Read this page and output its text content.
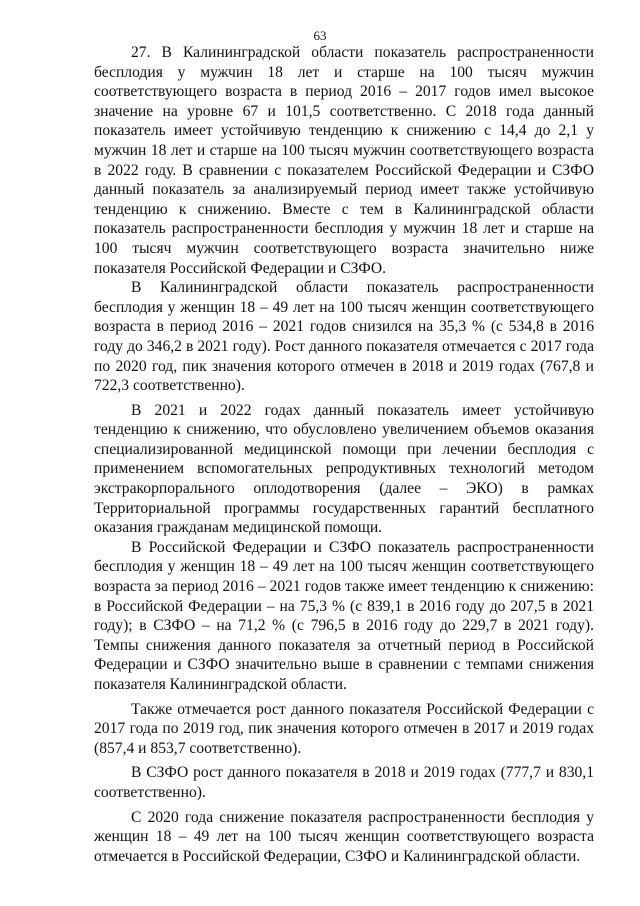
63

27. В Калининградской области показатель распространенности бесплодия у мужчин 18 лет и старше на 100 тысяч мужчин соответствующего возраста в период 2016 – 2017 годов имел высокое значение на уровне 67 и 101,5 соответственно. С 2018 года данный показатель имеет устойчивую тенденцию к снижению с 14,4 до 2,1 у мужчин 18 лет и старше на 100 тысяч мужчин соответствующего возраста в 2022 году. В сравнении с показателем Российской Федерации и СЗФО данный показатель за анализируемый период имеет также устойчивую тенденцию к снижению. Вместе с тем в Калининградской области показатель распространенности бесплодия у мужчин 18 лет и старше на 100 тысяч мужчин соответствующего возраста значительно ниже показателя Российской Федерации и СЗФО.

В Калининградской области показатель распространенности бесплодия у женщин 18 – 49 лет на 100 тысяч женщин соответствующего возраста в период 2016 – 2021 годов снизился на 35,3 % (с 534,8 в 2016 году до 346,2 в 2021 году). Рост данного показателя отмечается с 2017 года по 2020 год, пик значения которого отмечен в 2018 и 2019 годах (767,8 и 722,3 соответственно).

В 2021 и 2022 годах данный показатель имеет устойчивую тенденцию к снижению, что обусловлено увеличением объемов оказания специализированной медицинской помощи при лечении бесплодия с применением вспомогательных репродуктивных технологий методом экстракорпорального оплодотворения (далее – ЭКО) в рамках Территориальной программы государственных гарантий бесплатного оказания гражданам медицинской помощи.

В Российской Федерации и СЗФО показатель распространенности бесплодия у женщин 18 – 49 лет на 100 тысяч женщин соответствующего возраста за период 2016 – 2021 годов также имеет тенденцию к снижению: в Российской Федерации – на 75,3 % (с 839,1 в 2016 году до 207,5 в 2021 году); в СЗФО – на 71,2 % (с 796,5 в 2016 году до 229,7 в 2021 году). Темпы снижения данного показателя за отчетный период в Российской Федерации и СЗФО значительно выше в сравнении с темпами снижения показателя Калининградской области.

Также отмечается рост данного показателя Российской Федерации с 2017 года по 2019 год, пик значения которого отмечен в 2017 и 2019 годах (857,4 и 853,7 соответственно).

В СЗФО рост данного показателя в 2018 и 2019 годах (777,7 и 830,1 соответственно).

С 2020 года снижение показателя распространенности бесплодия у женщин 18 – 49 лет на 100 тысяч женщин соответствующего возраста отмечается в Российской Федерации, СЗФО и Калининградской области.
